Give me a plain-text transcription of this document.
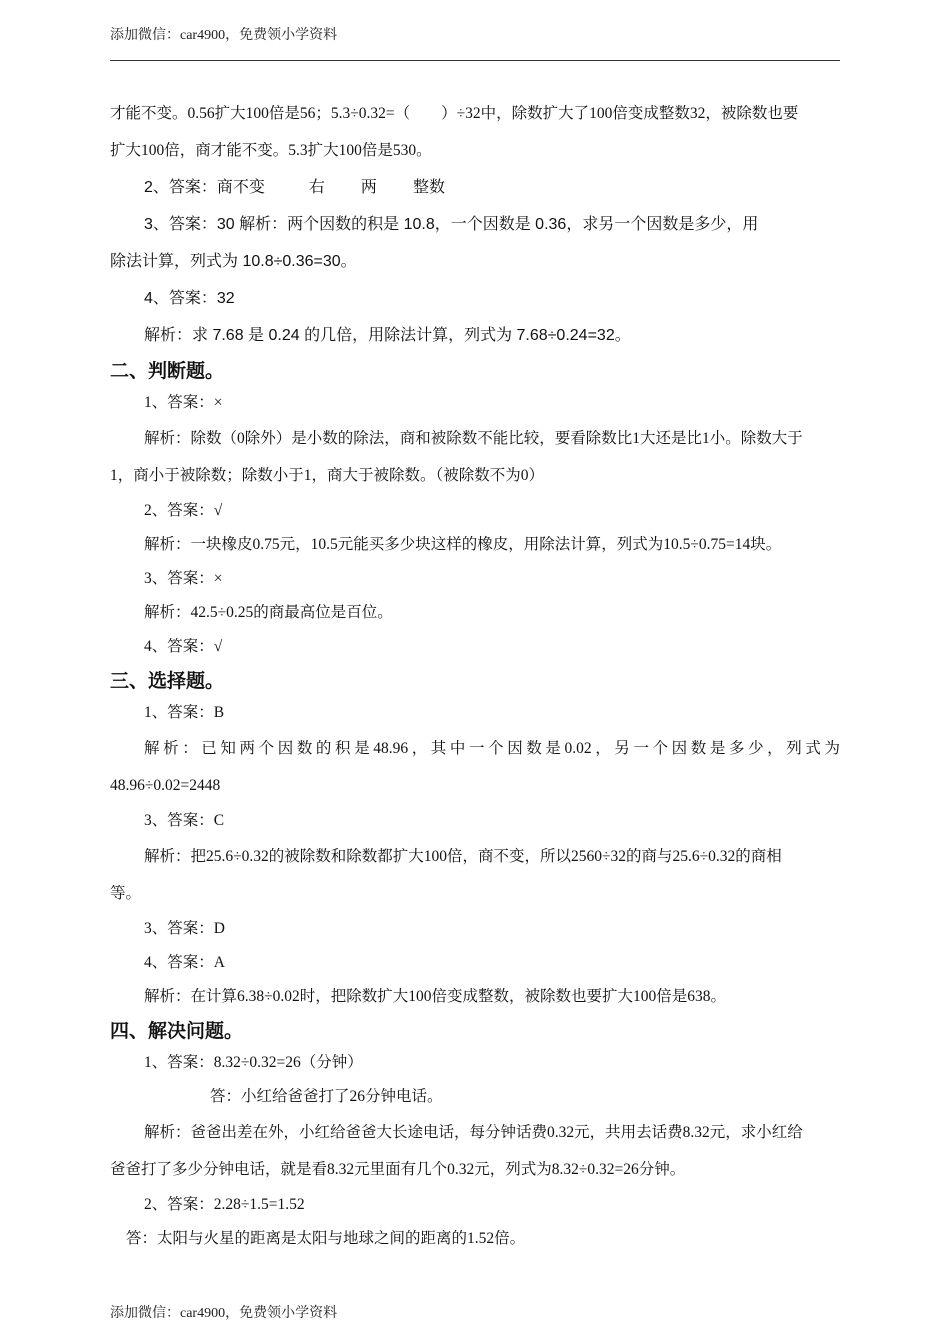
添加微信：car4900，免费领小学资料
才能不变。0.56扩大100倍是56；5.3÷0.32=（　　）÷32中，除数扩大了100倍变成整数32，被除数也要
扩大100倍，商才能不变。5.3扩大100倍是530。
2、答案：商不变	右 两 整数
3、答案：30 解析：两个因数的积是 10.8，一个因数是 0.36，求另一个因数是多少，用
除法计算，列式为 10.8÷0.36=30。
4、答案：32
解析：求 7.68 是 0.24 的几倍，用除法计算，列式为 7.68÷0.24=32。
二、判断题。
1、答案：×
解析：除数（0除外）是小数的除法，商和被除数不能比较，要看除数比1大还是比1小。除数大于
1，商小于被除数；除数小于1，商大于被除数。（被除数不为0）
2、答案：√
解析：一块橡皮0.75元，10.5元能买多少块这样的橡皮，用除法计算，列式为10.5÷0.75=14块。
3、答案：×
解析：42.5÷0.25的商最高位是百位。
4、答案：√
三、选择题。
1、答案：B
解析：已知两个因数的积是48.96，其中一个因数是0.02，另一个因数是多少，列式为
48.96÷0.02=2448
3、答案：C
解析：把25.6÷0.32的被除数和除数都扩大100倍，商不变，所以2560÷32的商与25.6÷0.32的商相
等。
3、答案：D
4、答案：A
解析：在计算6.38÷0.02时，把除数扩大100倍变成整数，被除数也要扩大100倍是638。
四、解决问题。
1、答案：8.32÷0.32=26（分钟）
答：小红给爸爸打了26分钟电话。
解析：爸爸出差在外，小红给爸爸大长途电话，每分钟话费0.32元，共用去话费8.32元，求小红给
爸爸打了多少分钟电话，就是看8.32元里面有几个0.32元，列式为8.32÷0.32=26分钟。
2、答案：2.28÷1.5=1.52
答：太阳与火星的距离是太阳与地球之间的距离的1.52倍。
添加微信：car4900，免费领小学资料
